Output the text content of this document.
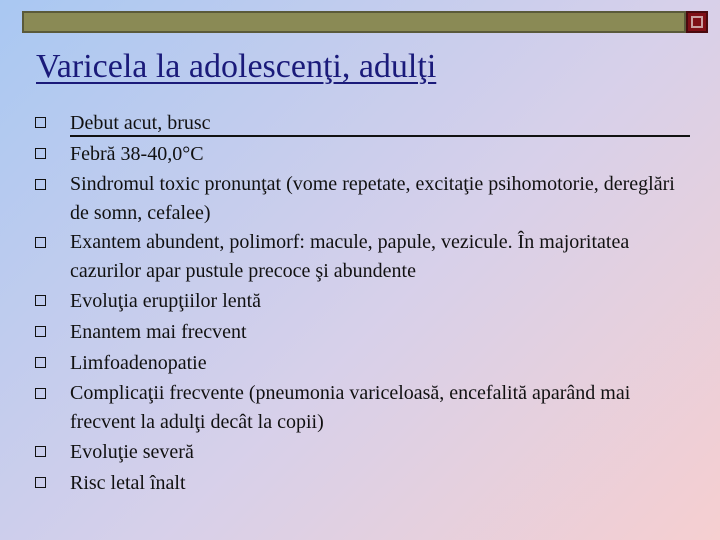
Varicela la adolescenţi, adulţi
Debut acut, brusc
Febră 38-40,0°C
Sindromul toxic pronunţat (vome repetate, excitaţie psihomotorie, dereglări de somn, cefalee)
Exantem abundent, polimorf: macule, papule, vezicule. În majoritatea cazurilor apar pustule precoce şi abundente
Evoluţia erupţiilor lentă
Enantem mai frecvent
Limfoadenopatie
Complicaţii frecvente (pneumonia variceloasă, encefalită aparând mai frecvent la adulţi decât la copii)
Evoluţie severă
Risc letal înalt
